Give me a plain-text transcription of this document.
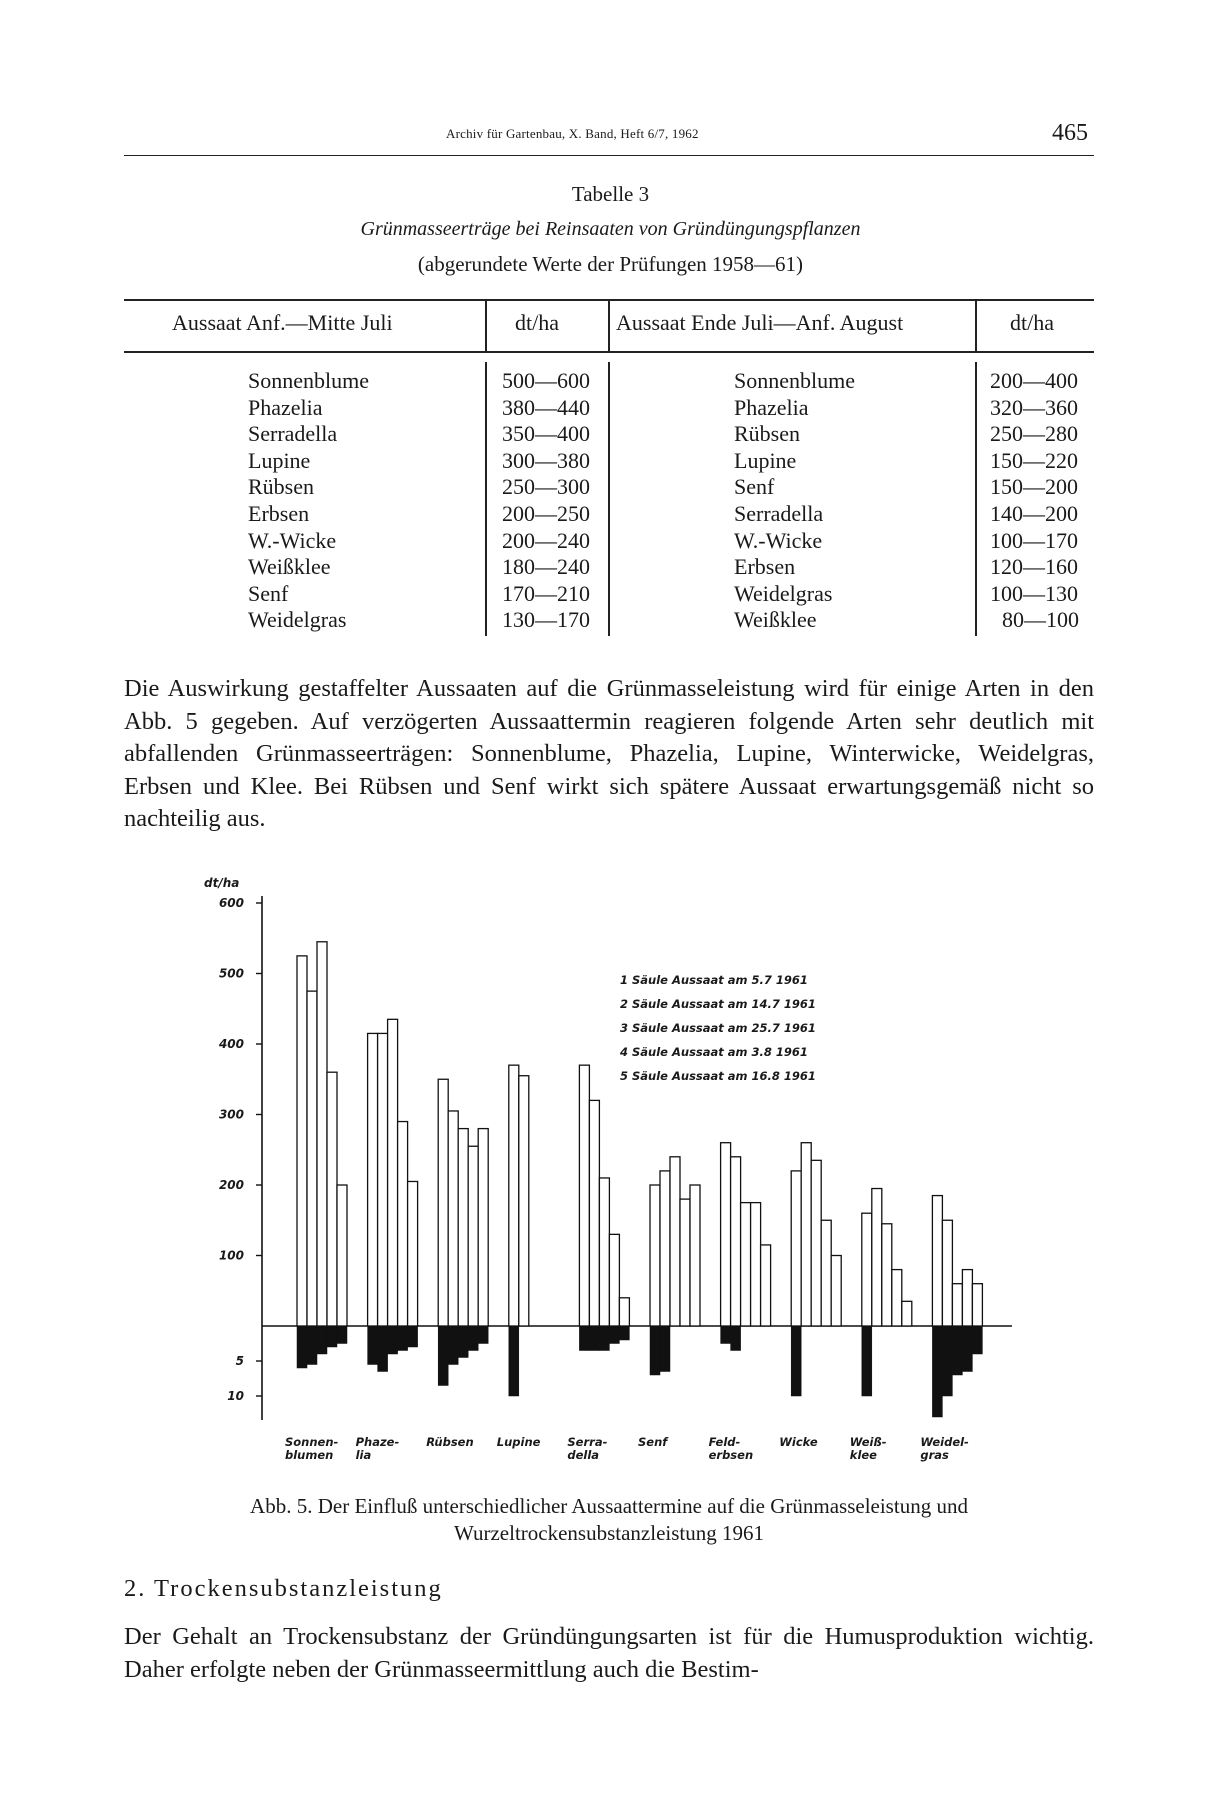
Archiv für Gartenbau, X. Band, Heft 6/7, 1962	465
Tabelle 3
Grünmasseerträge bei Reinsaaten von Gründüngungspflanzen
(abgerundete Werte der Prüfungen 1958—61)
Aussaat Anf.—Mitte Juli	dt/ha	Aussaat Ende Juli—Anf. August	dt/ha
Sonnenblume	500—600	Sonnenblume	200—400
Phazelia	380—440	Phazelia	320—360
Serradella	350—400	Rübsen	250—280
Lupine	300—380	Lupine	150—220
Rübsen	250—300	Senf	150—200
Erbsen	200—250	Serradella	140—200
W.-Wicke	200—240	W.-Wicke	100—170
Weißklee	180—240	Erbsen	120—160
Senf	170—210	Weidelgras	100—130
Weidelgras	130—170	Weißklee	80—100

Die Auswirkung gestaffelter Aussaaten auf die Grünmasseleistung wird für einige Arten in den Abb. 5 gegeben. Auf verzögerten Aussaattermin reagieren folgende Arten sehr deutlich mit abfallenden Grünmasseerträgen: Sonnenblume, Phazelia, Lupine, Winterwicke, Weidelgras, Erbsen und Klee. Bei Rübsen und Senf wirkt sich spätere Aussaat erwartungsgemäß nicht so nachteilig aus.

dt/ha
100
200
300
400
500
600
5
10
Sonnen-
blumen
Phaze-
lia
Rübsen Lupine Serra-
della
Senf	Feld-
erbsen
Wicke	Weiß-
klee
Weidel-
gras
1 Säule Aussaat am 5.7 1961
2 Säule Aussaat am 14.7 1961
3 Säule Aussaat am 25.7 1961
4 Säule Aussaat am 3.8 1961
5 Säule Aussaat am 16.8 1961
Abb. 5. Der Einfluß unterschiedlicher Aussaattermine auf die Grünmasseleistung und Wurzeltrockensubstanzleistung 1961
2. Trockensubstanzleistung

Der Gehalt an Trockensubstanz der Gründüngungsarten ist für die Humusproduktion wichtig. Daher erfolgte neben der Grünmasseermittlung auch die Bestim-
